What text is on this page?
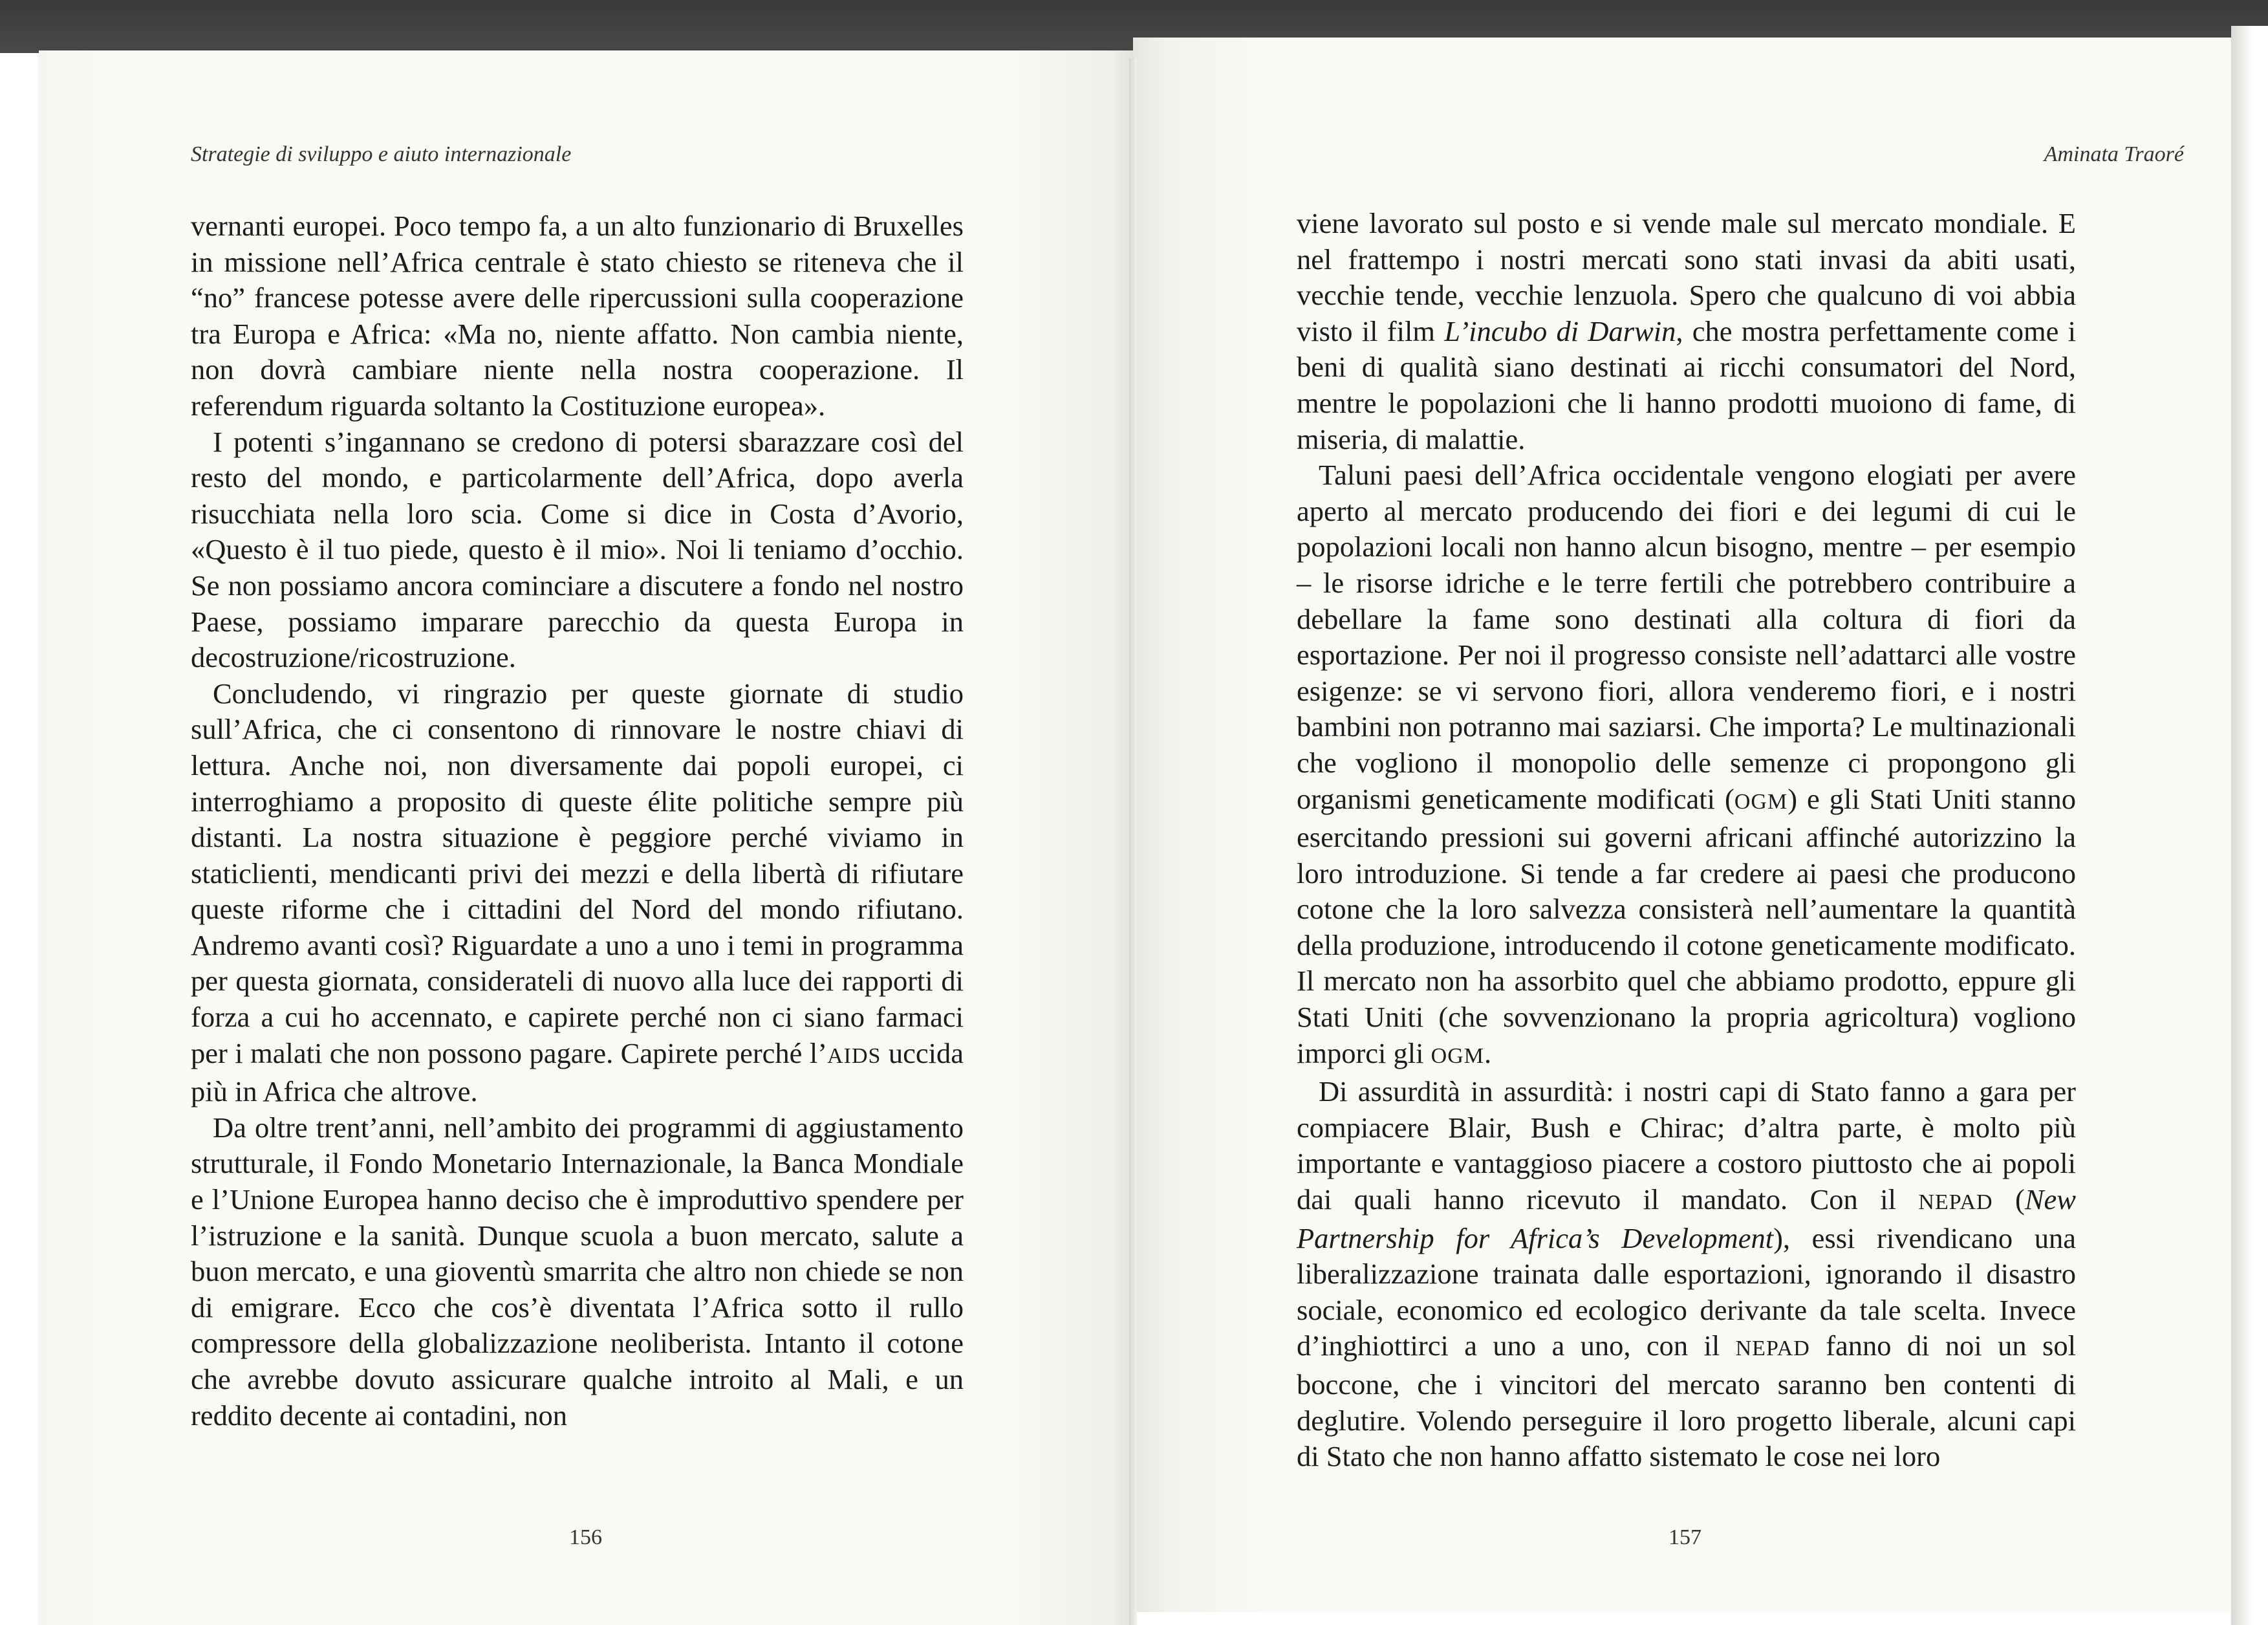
Strategie di sviluppo e aiuto internazionale

vernanti europei. Poco tempo fa, a un alto funzionario di Bruxelles in missione nell’Africa centrale è stato chiesto se riteneva che il “no” francese potesse avere delle ripercussioni sulla cooperazione tra Europa e Africa: «Ma no, niente affatto. Non cambia niente, non dovrà cambiare niente nella nostra cooperazione. Il referendum riguarda soltanto la Costituzione europea».

I potenti s’ingannano se credono di potersi sbarazzare così del resto del mondo, e particolarmente dell’Africa, dopo averla risucchiata nella loro scia. Come si dice in Costa d’Avorio, «Questo è il tuo piede, questo è il mio». Noi li teniamo d’occhio. Se non possiamo ancora cominciare a discutere a fondo nel nostro Paese, possiamo imparare parecchio da questa Europa in decostruzione/ricostruzione.

Concludendo, vi ringrazio per queste giornate di studio sull’Africa, che ci consentono di rinnovare le nostre chiavi di lettura. Anche noi, non diversamente dai popoli europei, ci interroghiamo a proposito di queste élite politiche sempre più distanti. La nostra situazione è peggiore perché viviamo in staticlienti, mendicanti privi dei mezzi e della libertà di rifiutare queste riforme che i cittadini del Nord del mondo rifiutano. Andremo avanti così? Riguardate a uno a uno i temi in programma per questa giornata, considerateli di nuovo alla luce dei rapporti di forza a cui ho accennato, e capirete perché non ci siano farmaci per i malati che non possono pagare. Capirete perché l’AIDS uccida più in Africa che altrove.

Da oltre trent’anni, nell’ambito dei programmi di aggiustamento strutturale, il Fondo Monetario Internazionale, la Banca Mondiale e l’Unione Europea hanno deciso che è improduttivo spendere per l’istruzione e la sanità. Dunque scuola a buon mercato, salute a buon mercato, e una gioventù smarrita che altro non chiede se non di emigrare. Ecco che cos’è diventata l’Africa sotto il rullo compressore della globalizzazione neoliberista. Intanto il cotone che avrebbe dovuto assicurare qualche introito al Mali, e un reddito decente ai contadini, non

156
Aminata Traoré

viene lavorato sul posto e si vende male sul mercato mondiale. E nel frattempo i nostri mercati sono stati invasi da abiti usati, vecchie tende, vecchie lenzuola. Spero che qualcuno di voi abbia visto il film L’incubo di Darwin, che mostra perfettamente come i beni di qualità siano destinati ai ricchi consumatori del Nord, mentre le popolazioni che li hanno prodotti muoiono di fame, di miseria, di malattie.

Taluni paesi dell’Africa occidentale vengono elogiati per avere aperto al mercato producendo dei fiori e dei legumi di cui le popolazioni locali non hanno alcun bisogno, mentre – per esempio – le risorse idriche e le terre fertili che potrebbero contribuire a debellare la fame sono destinati alla coltura di fiori da esportazione. Per noi il progresso consiste nell’adattarci alle vostre esigenze: se vi servono fiori, allora venderemo fiori, e i nostri bambini non potranno mai saziarsi. Che importa? Le multinazionali che vogliono il monopolio delle semenze ci propongono gli organismi geneticamente modificati (OGM) e gli Stati Uniti stanno esercitando pressioni sui governi africani affinché autorizzino la loro introduzione. Si tende a far credere ai paesi che producono cotone che la loro salvezza consisterà nell’aumentare la quantità della produzione, introducendo il cotone geneticamente modificato. Il mercato non ha assorbito quel che abbiamo prodotto, eppure gli Stati Uniti (che sovvenzionano la propria agricoltura) vogliono imporci gli OGM.

Di assurdità in assurdità: i nostri capi di Stato fanno a gara per compiacere Blair, Bush e Chirac; d’altra parte, è molto più importante e vantaggioso piacere a costoro piuttosto che ai popoli dai quali hanno ricevuto il mandato. Con il NEPAD (New Partnership for Africa’s Development), essi rivendicano una liberalizzazione trainata dalle esportazioni, ignorando il disastro sociale, economico ed ecologico derivante da tale scelta. Invece d’inghiottirci a uno a uno, con il NEPAD fanno di noi un sol boccone, che i vincitori del mercato saranno ben contenti di deglutire. Volendo perseguire il loro progetto liberale, alcuni capi di Stato che non hanno affatto sistemato le cose nei loro

157
